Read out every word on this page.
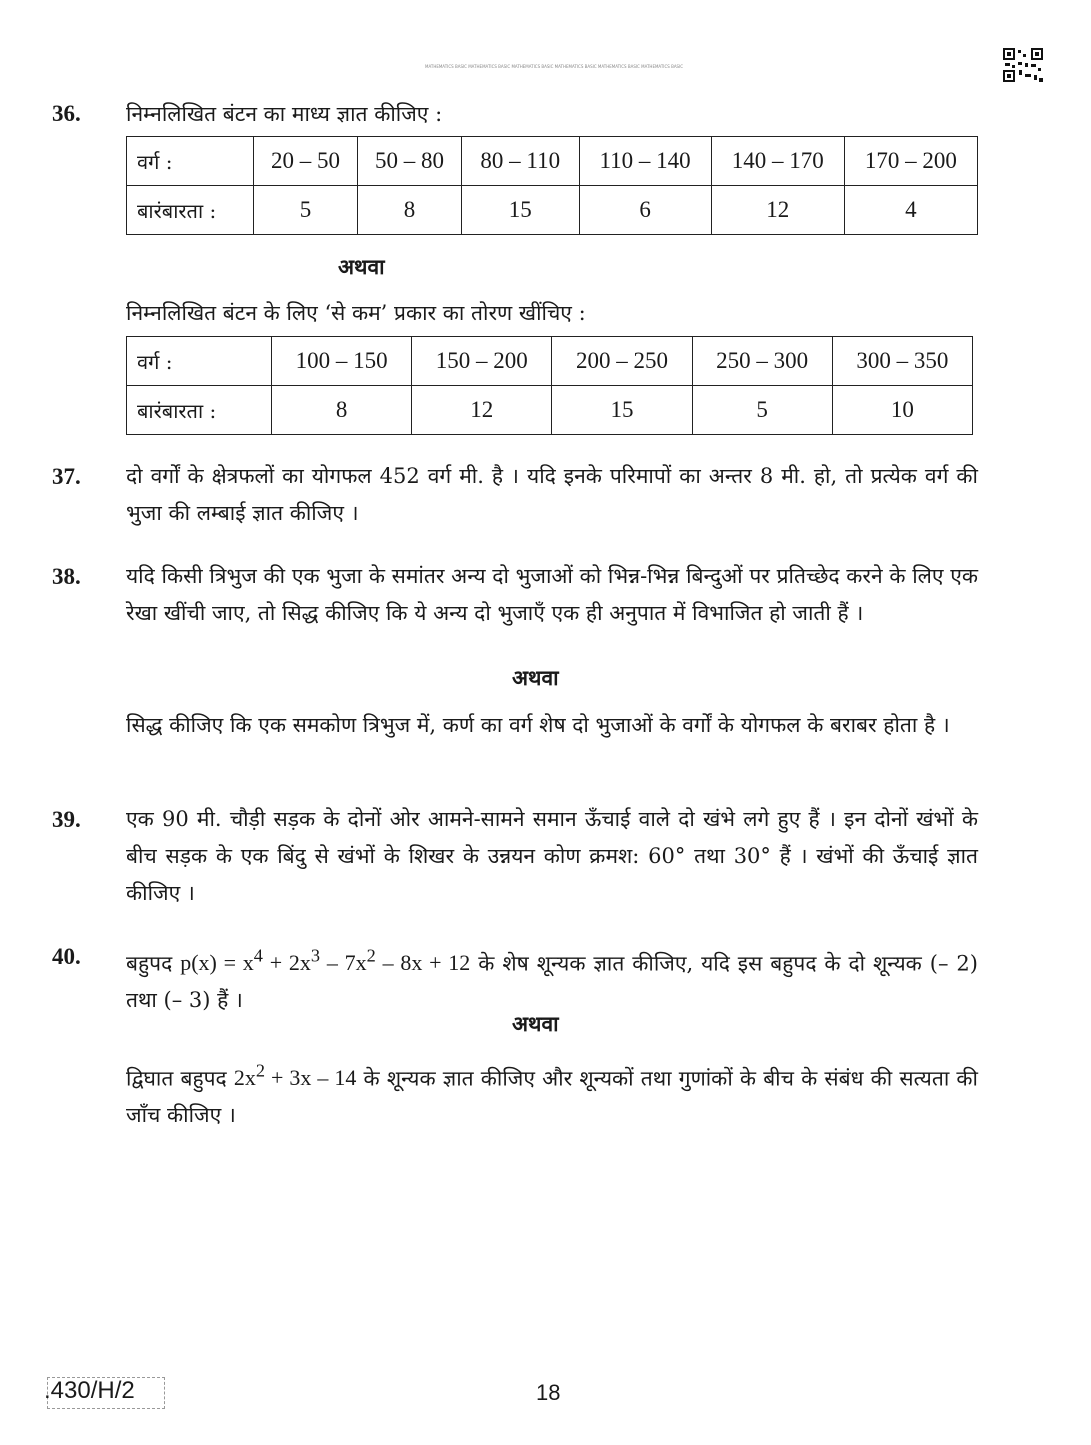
MATHEMATICS BASIC MATHEMATICS BASIC MATHEMATICS BASIC MATHEMATICS BASIC MATHEMATICS BASIC MATHEMATICS BASIC
36. निम्नलिखित बंटन का माध्य ज्ञात कीजिए :
वर्ग :	20 – 50	50 – 80	80 – 110	110 – 140	140 – 170	170 – 200
बारंबारता :	5	8	15	6	12	4
अथवा
निम्नलिखित बंटन के लिए ‘से कम’ प्रकार का तोरण खींचिए :
वर्ग :	100 – 150	150 – 200	200 – 250	250 – 300	300 – 350
बारंबारता :	8	12	15	5	10
37. दो वर्गों के क्षेत्रफलों का योगफल 452 वर्ग मी. है । यदि इनके परिमापों का अन्तर 8 मी. हो, तो प्रत्येक वर्ग की भुजा की लम्बाई ज्ञात कीजिए ।
38. यदि किसी त्रिभुज की एक भुजा के समांतर अन्य दो भुजाओं को भिन्न-भिन्न बिन्दुओं पर प्रतिच्छेद करने के लिए एक रेखा खींची जाए, तो सिद्ध कीजिए कि ये अन्य दो भुजाएँ एक ही अनुपात में विभाजित हो जाती हैं ।
अथवा
सिद्ध कीजिए कि एक समकोण त्रिभुज में, कर्ण का वर्ग शेष दो भुजाओं के वर्गों के योगफल के बराबर होता है ।
39. एक 90 मी. चौड़ी सड़क के दोनों ओर आमने-सामने समान ऊँचाई वाले दो खंभे लगे हुए हैं । इन दोनों खंभों के बीच सड़क के एक बिंदु से खंभों के शिखर के उन्नयन कोण क्रमश: 60° तथा 30° हैं । खंभों की ऊँचाई ज्ञात कीजिए ।
40. बहुपद $p(x) = x^4 + 2x^3 - 7x^2 - 8x + 12$ के शेष शून्यक ज्ञात कीजिए, यदि इस बहुपद के दो शून्यक (– 2) तथा (– 3) हैं ।
अथवा
द्विघात बहुपद $2x^2 + 3x - 14$ के शून्यक ज्ञात कीजिए और शून्यकों तथा गुणांकों के बीच के संबंध की सत्यता की जाँच कीजिए ।
.430/H/2	18
